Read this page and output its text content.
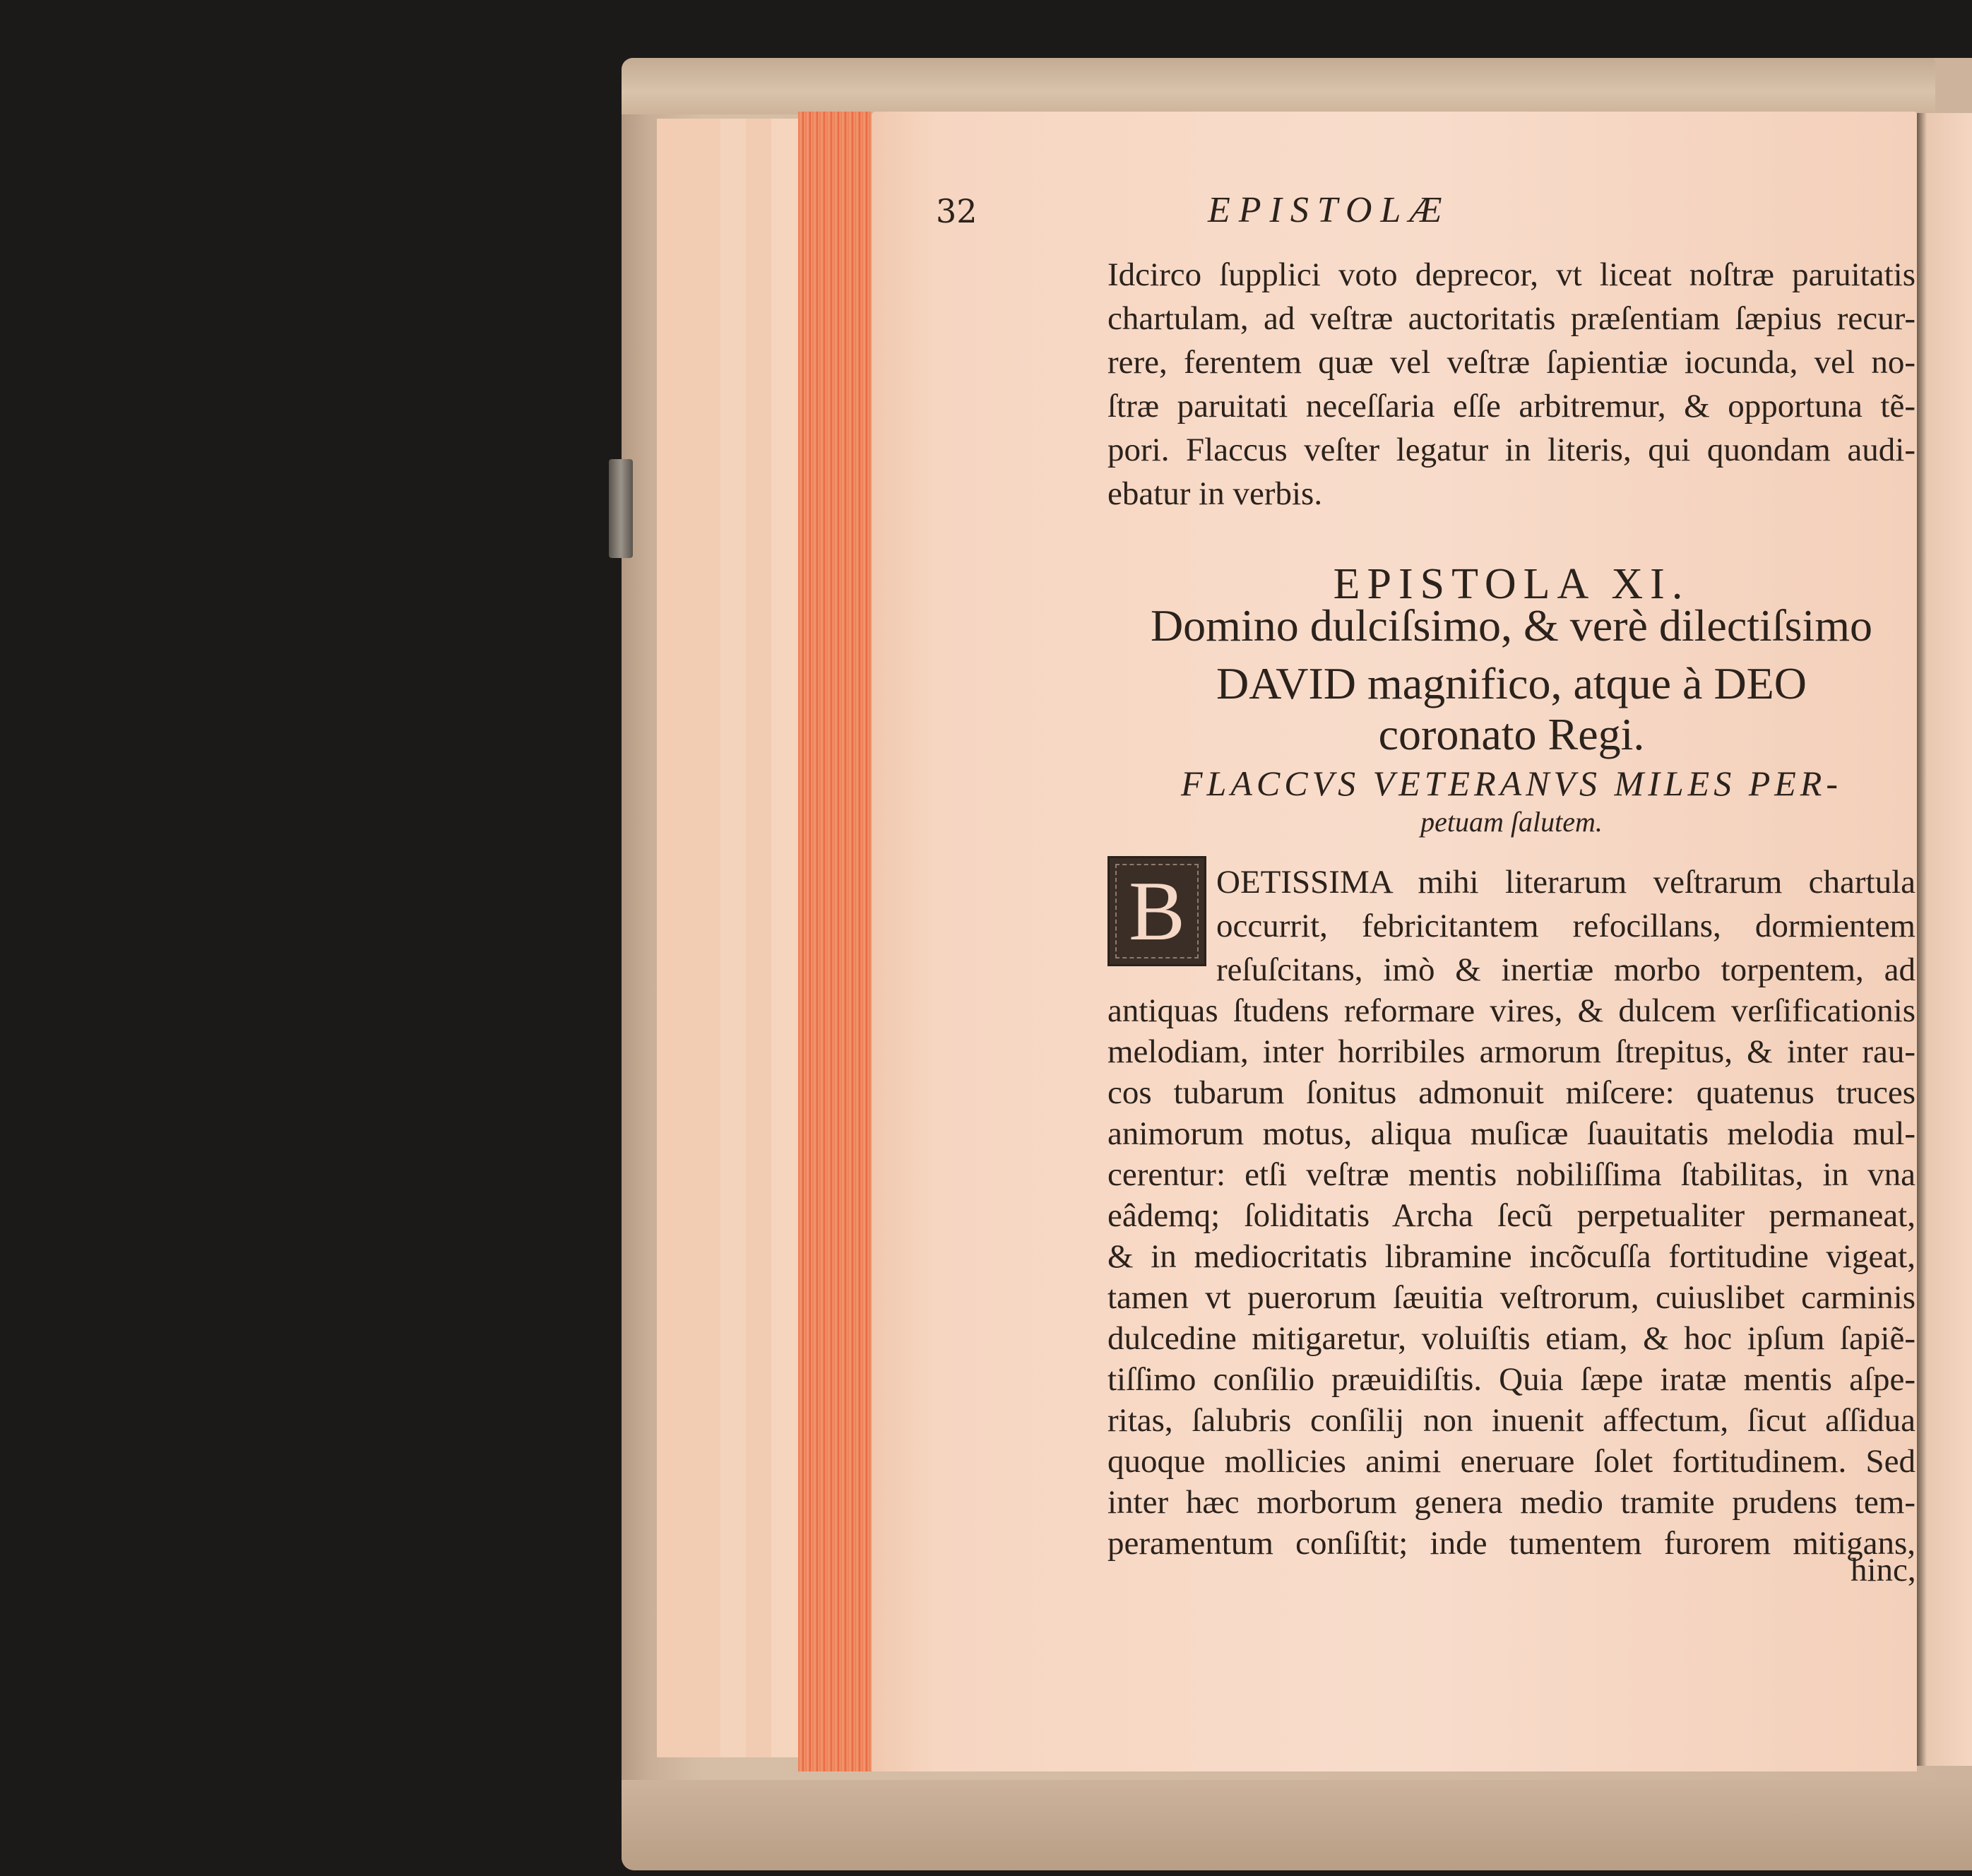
32	EPISTOLÆ
Idcirco ſupplici voto deprecor, vt liceat noſtræ paruitatis
chartulam, ad veſtræ auctoritatis præſentiam ſæpius recur-
rere, ferentem quæ vel veſtræ ſapientiæ iocunda, vel no-
ſtræ paruitati neceſſaria eſſe arbitremur, & opportuna tẽ-
pori. Flaccus veſter legatur in literis, qui quondam audi-
ebatur in verbis.
EPISTOLA XI.
Domino dulciſsimo, & verè dilectiſsimo
DAVID magnifico, atque à DEO
coronato Regi.
FLACCVS VETERANVS MILES PER-
petuam ſalutem.
B OETISSIMA mihi literarum veſtrarum chartula
occurrit, febricitantem refocillans, dormientem
reſuſcitans, imò & inertiæ morbo torpentem, ad
antiquas ſtudens reformare vires, & dulcem verſificationis
melodiam, inter horribiles armorum ſtrepitus, & inter rau-
cos tubarum ſonitus admonuit miſcere: quatenus truces
animorum motus, aliqua muſicæ ſuauitatis melodia mul-
cerentur: etſi veſtræ mentis nobiliſſima ſtabilitas, in vna
eâdemq; ſoliditatis Archa ſecũ perpetualiter permaneat,
& in mediocritatis libramine incõcuſſa fortitudine vigeat,
tamen vt puerorum ſæuitia veſtrorum, cuiuslibet carminis
dulcedine mitigaretur, voluiſtis etiam, & hoc ipſum ſapiẽ-
tiſſimo conſilio præuidiſtis. Quia ſæpe iratæ mentis aſpe-
ritas, ſalubris conſilij non inuenit affectum, ſicut aſſidua
quoque mollicies animi eneruare ſolet fortitudinem. Sed
inter hæc morborum genera medio tramite prudens tem-
peramentum conſiſtit; inde tumentem furorem mitigans,
hinc,
